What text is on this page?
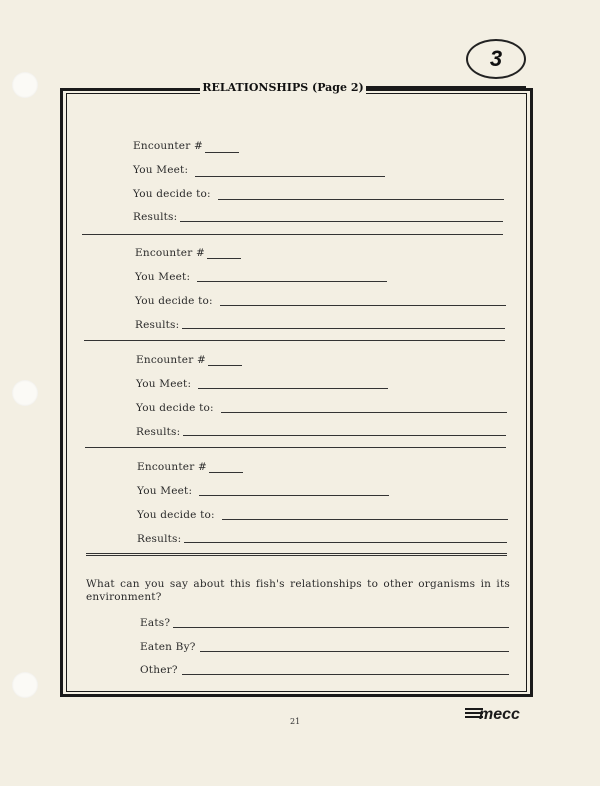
3
RELATIONSHIPS (Page 2)
Encounter #
You Meet:
You decide to:
Results:
Encounter #
You Meet:
You decide to:
Results:
Encounter #
You Meet:
You decide to:
Results:
Encounter #
You Meet:
You decide to:
Results:
What can you say about this fish's relationships to other organisms in its environment?
Eats?
Eaten By?
Other?
21	mecc
